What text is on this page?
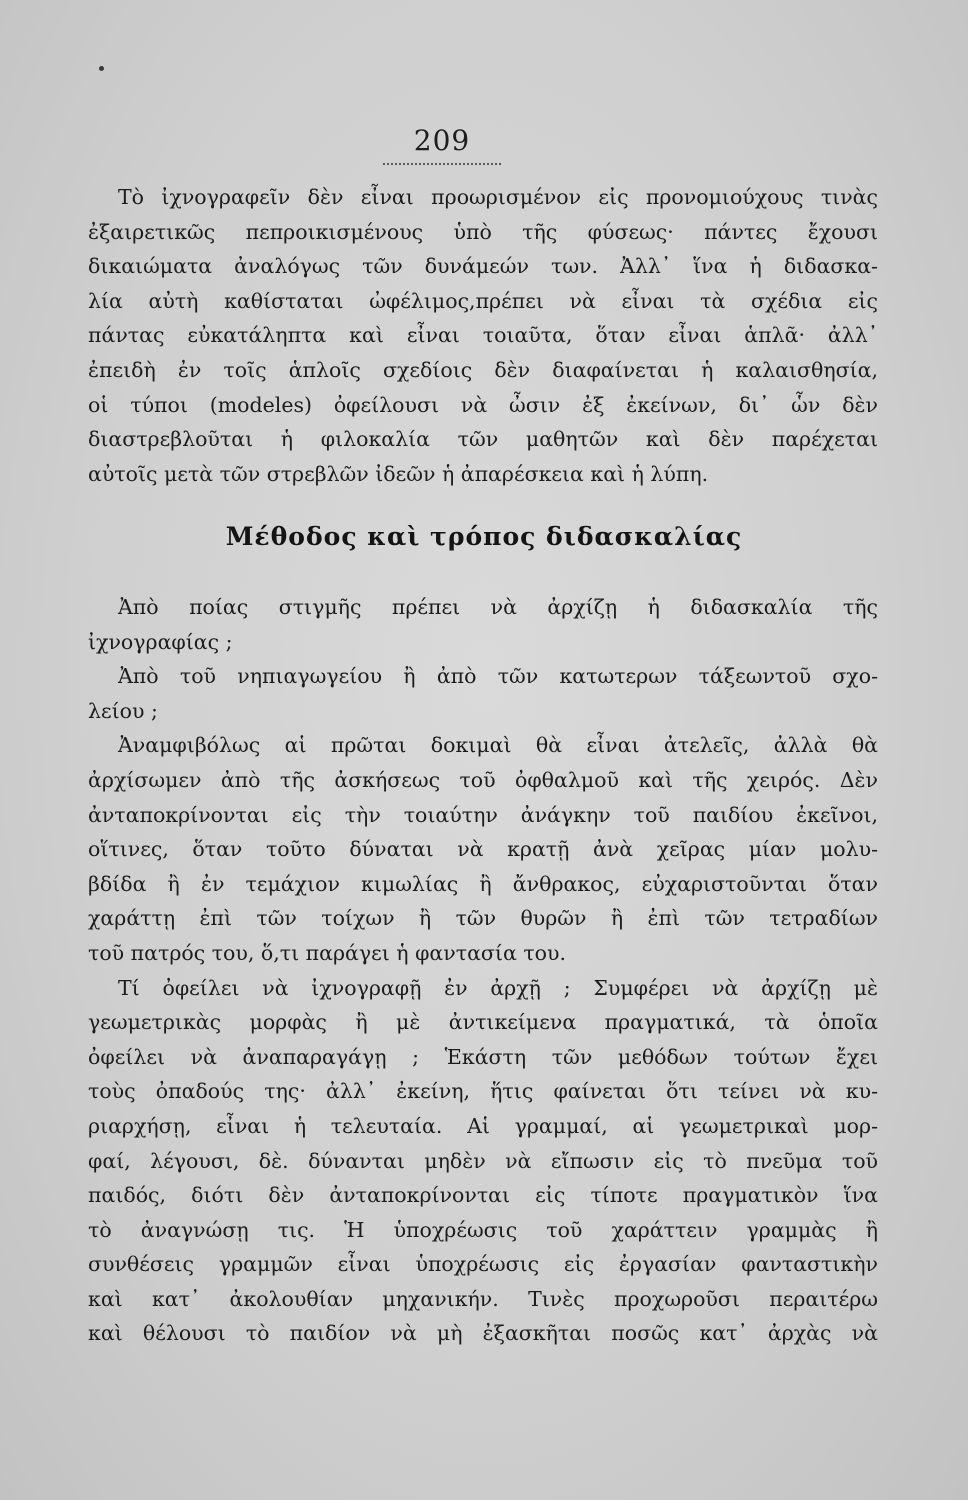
209
Τὸ ἰχνογραφεῖν δὲν εἶναι προωρισμένον εἰς προνομιούχους τινὰς
ἐξαιρετικῶς πεπροικισμένους ὑπὸ τῆς φύσεως· πάντες ἔχουσι
δικαιώματα ἀναλόγως τῶν δυνάμεών των. Ἀλλ᾿ ἵνα ἡ διδασκα-
λία αὐτὴ καθίσταται ὠφέλιμος,πρέπει νὰ εἶναι τὰ σχέδια εἰς
πάντας εὐκατάληπτα καὶ εἶναι τοιαῦτα, ὅταν εἶναι ἁπλᾶ· ἀλλ᾿
ἐπειδὴ ἐν τοῖς ἁπλοῖς σχεδίοις δὲν διαφαίνεται ἡ καλαισθησία,
οἱ τύποι (modeles) ὀφείλουσι νὰ ὦσιν ἐξ ἐκείνων, δι᾿ ὧν δὲν
διαστρεβλοῦται ἡ φιλοκαλία τῶν μαθητῶν καὶ δὲν παρέχεται
αὐτοῖς μετὰ τῶν στρεβλῶν ἰδεῶν ἡ ἀπαρέσκεια καὶ ἡ λύπη.
Μέθοδος καὶ τρόπος διδασκαλίας
Ἀπὸ ποίας στιγμῆς πρέπει νὰ ἀρχίζῃ ἡ διδασκαλία τῆς
ἰχνογραφίας ;
Ἀπὸ τοῦ νηπιαγωγείου ἢ ἀπὸ τῶν κατωτερων τάξεωντοῦ σχο-
λείου ;
Ἀναμφιβόλως αἱ πρῶται δοκιμαὶ θὰ εἶναι ἀτελεῖς, ἀλλὰ θὰ
ἀρχίσωμεν ἀπὸ τῆς ἀσκήσεως τοῦ ὀφθαλμοῦ καὶ τῆς χειρός. Δὲν
ἀνταποκρίνονται εἰς τὴν τοιαύτην ἀνάγκην τοῦ παιδίου ἐκεῖνοι,
οἵτινες, ὅταν τοῦτο δύναται νὰ κρατῇ ἀνὰ χεῖρας μίαν μολυ-
βδίδα ἢ ἐν τεμάχιον κιμωλίας ἢ ἄνθρακος, εὐχαριστοῦνται ὅταν
χαράττῃ ἐπὶ τῶν τοίχων ἢ τῶν θυρῶν ἢ ἐπὶ τῶν τετραδίων
τοῦ πατρός του, ὅ,τι παράγει ἡ φαντασία του.
Τί ὀφείλει νὰ ἰχνογραφῇ ἐν ἀρχῇ ; Συμφέρει νὰ ἀρχίζῃ μὲ
γεωμετρικὰς μορφὰς ἢ μὲ ἀντικείμενα πραγματικά, τὰ ὁποῖα
ὀφείλει νὰ ἀναπαραγάγῃ ; Ἑκάστη τῶν μεθόδων τούτων ἔχει
τοὺς ὀπαδούς της· ἀλλ᾿ ἐκείνη, ἥτις φαίνεται ὅτι τείνει νὰ κυ-
ριαρχήσῃ, εἶναι ἡ τελευταία. Αἱ γραμμαί, αἱ γεωμετρικαὶ μορ-
φαί, λέγουσι, δὲ. δύνανται μηδὲν νὰ εἴπωσιν εἰς τὸ πνεῦμα τοῦ
παιδός, διότι δὲν ἀνταποκρίνονται εἰς τίποτε πραγματικὸν ἵνα
τὸ ἀναγνώσῃ τις. Ἡ ὑποχρέωσις τοῦ χαράττειν γραμμὰς ἢ
συνθέσεις γραμμῶν εἶναι ὑποχρέωσις εἰς ἐργασίαν φανταστικὴν
καὶ κατ᾿ ἀκολουθίαν μηχανικήν. Τινὲς προχωροῦσι περαιτέρω
καὶ θέλουσι τὸ παιδίον νὰ μὴ ἐξασκῆται ποσῶς κατ᾿ ἀρχὰς νὰ
